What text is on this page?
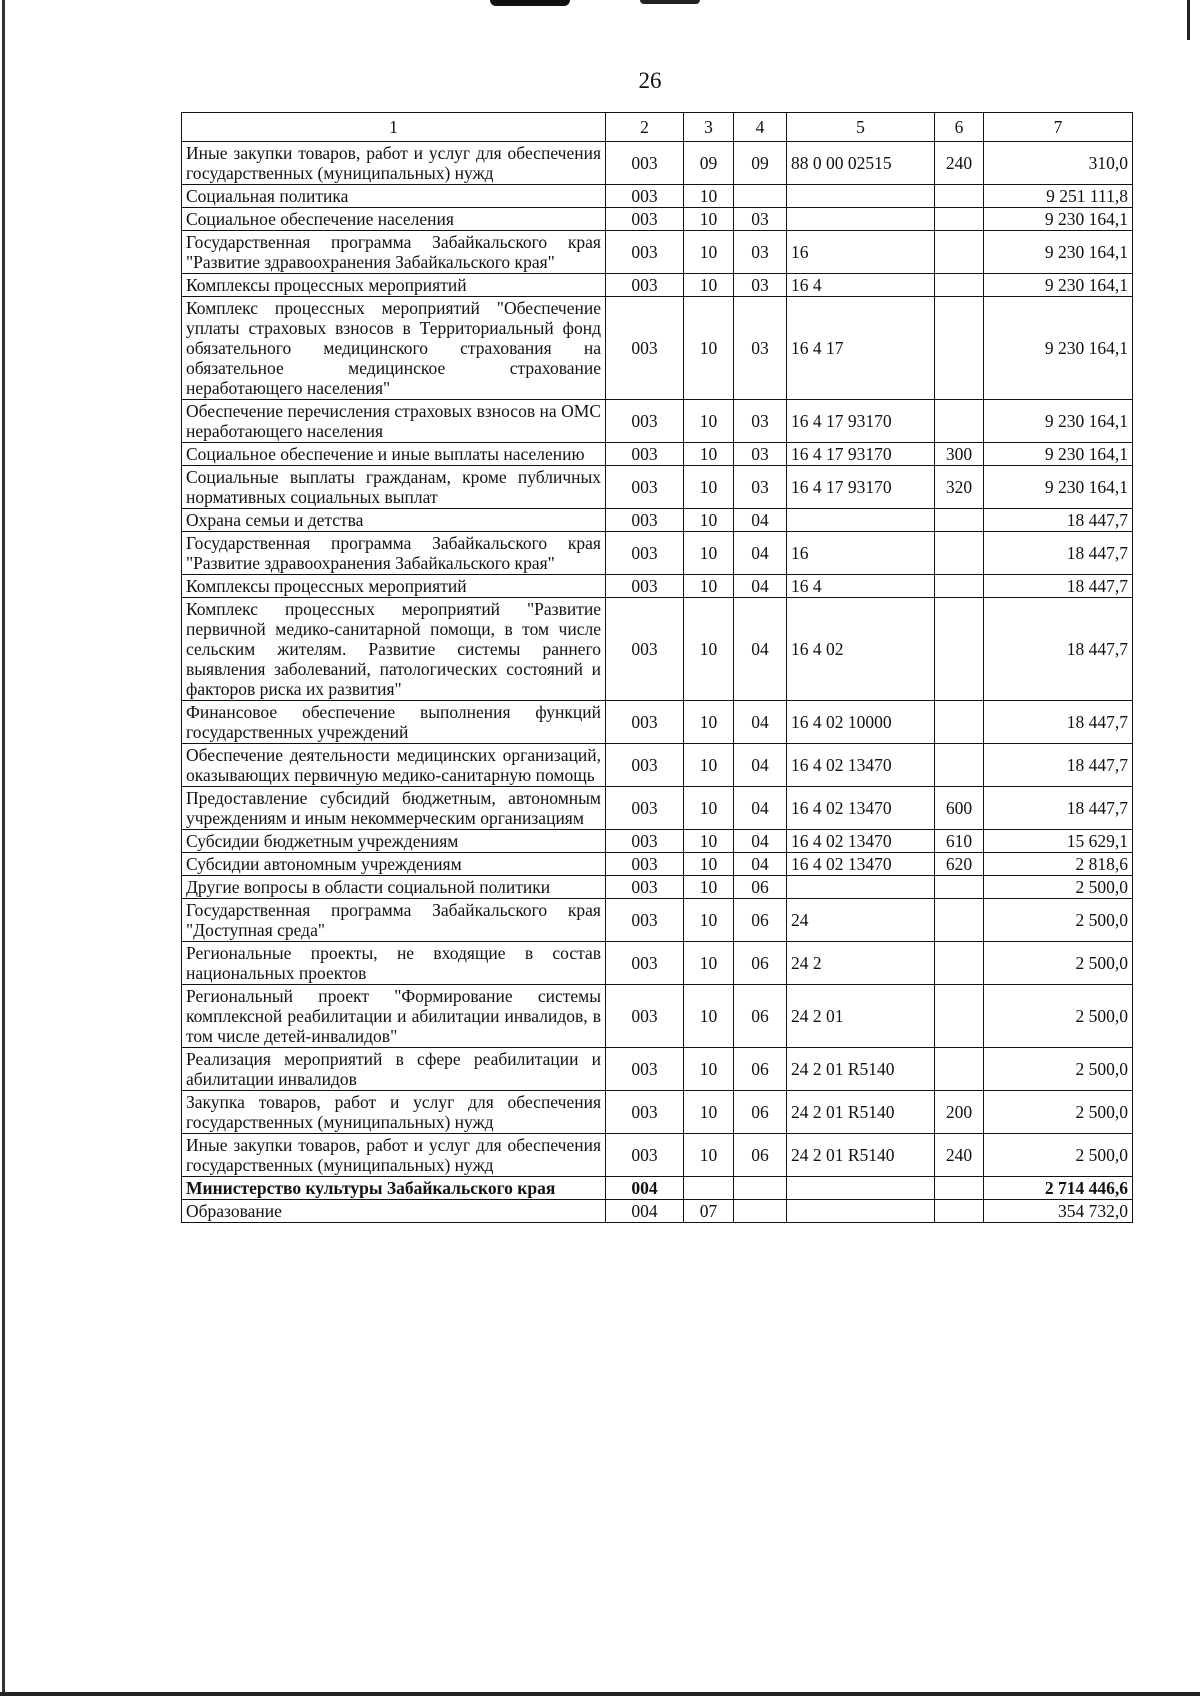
26
1	2	3	4	5	6	7
Иные закупки товаров, работ и услуг для обеспечения государственных (муниципальных) нужд	003	09	09	88 0 00 02515	240	310,0
Социальная политика	003	10				9 251 111,8
Социальное обеспечение населения	003	10	03			9 230 164,1
Государственная программа Забайкальского края "Развитие здравоохранения Забайкальского края"	003	10	03	16		9 230 164,1
Комплексы процессных мероприятий	003	10	03	16 4		9 230 164,1
Комплекс процессных мероприятий "Обеспечение уплаты страховых взносов в Территориальный фонд обязательного медицинского страхования на обязательное медицинское страхование неработающего населения"	003	10	03	16 4 17		9 230 164,1
Обеспечение перечисления страховых взносов на ОМС неработающего населения	003	10	03	16 4 17 93170		9 230 164,1
Социальное обеспечение и иные выплаты населению	003	10	03	16 4 17 93170	300	9 230 164,1
Социальные выплаты гражданам, кроме публичных нормативных социальных выплат	003	10	03	16 4 17 93170	320	9 230 164,1
Охрана семьи и детства	003	10	04			18 447,7
Государственная программа Забайкальского края "Развитие здравоохранения Забайкальского края"	003	10	04	16		18 447,7
Комплексы процессных мероприятий	003	10	04	16 4		18 447,7
Комплекс процессных мероприятий "Развитие первичной медико-санитарной помощи, в том числе сельским жителям. Развитие системы раннего выявления заболеваний, патологических состояний и факторов риска их развития"	003	10	04	16 4 02		18 447,7
Финансовое обеспечение выполнения функций государственных учреждений	003	10	04	16 4 02 10000		18 447,7
Обеспечение деятельности медицинских организаций, оказывающих первичную медико-санитарную помощь	003	10	04	16 4 02 13470		18 447,7
Предоставление субсидий бюджетным, автономным учреждениям и иным некоммерческим организациям	003	10	04	16 4 02 13470	600	18 447,7
Субсидии бюджетным учреждениям	003	10	04	16 4 02 13470	610	15 629,1
Субсидии автономным учреждениям	003	10	04	16 4 02 13470	620	2 818,6
Другие вопросы в области социальной политики	003	10	06			2 500,0
Государственная программа Забайкальского края "Доступная среда"	003	10	06	24		2 500,0
Региональные проекты, не входящие в состав национальных проектов	003	10	06	24 2		2 500,0
Региональный проект "Формирование системы комплексной реабилитации и абилитации инвалидов, в том числе детей-инвалидов"	003	10	06	24 2 01		2 500,0
Реализация мероприятий в сфере реабилитации и абилитации инвалидов	003	10	06	24 2 01 R5140		2 500,0
Закупка товаров, работ и услуг для обеспечения государственных (муниципальных) нужд	003	10	06	24 2 01 R5140	200	2 500,0
Иные закупки товаров, работ и услуг для обеспечения государственных (муниципальных) нужд	003	10	06	24 2 01 R5140	240	2 500,0
Министерство культуры Забайкальского края	004					2 714 446,6
Образование	004	07				354 732,0
